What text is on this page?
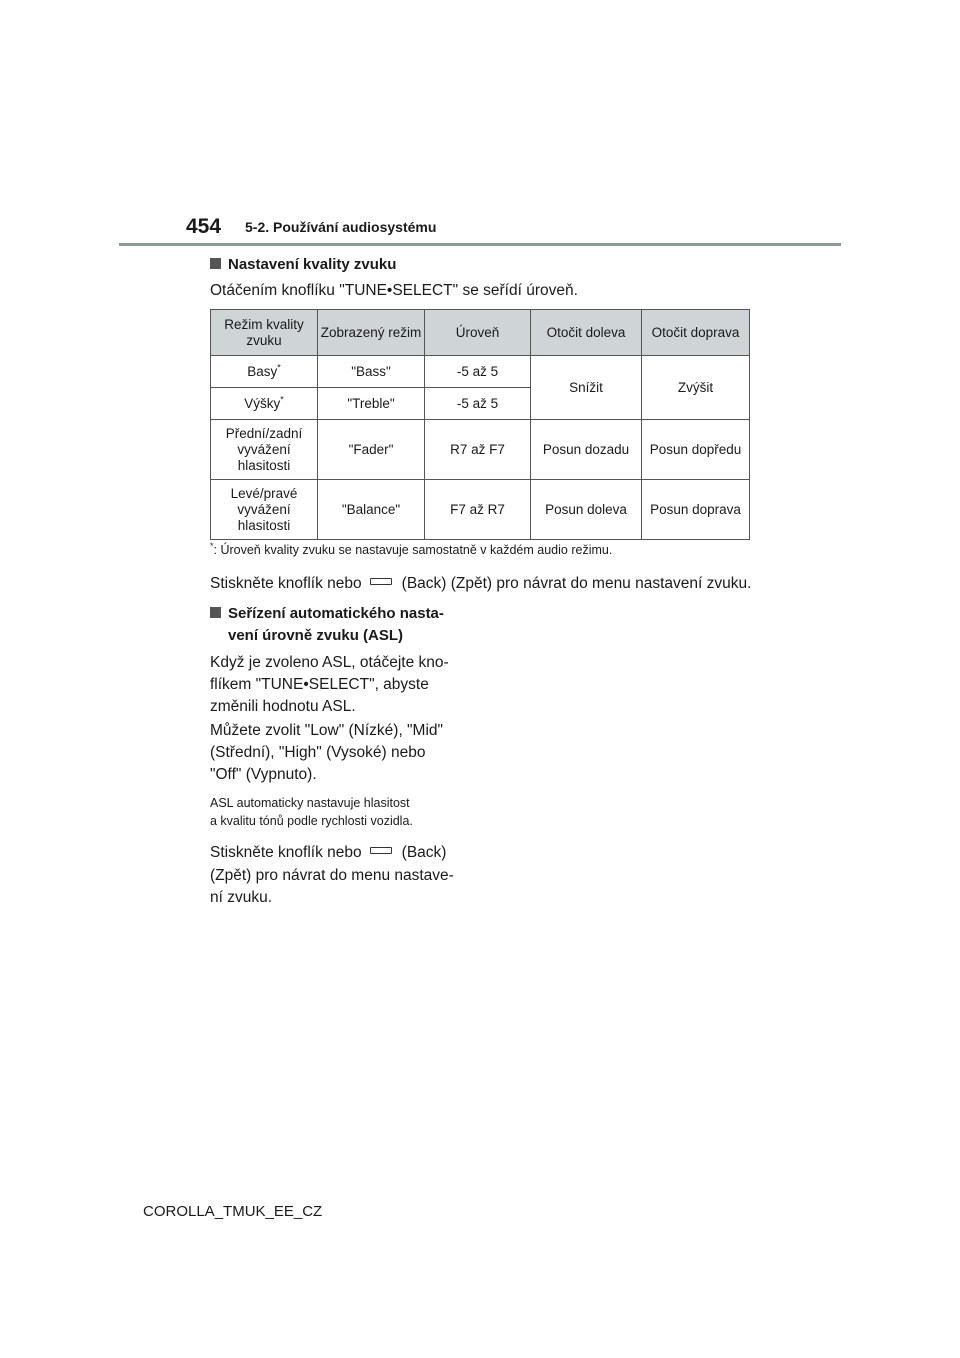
454 5-2. Používání audiosystému
Nastavení kvality zvuku
Otáčením knoflíku "TUNE•SELECT" se seřídí úroveň.
Režim kvality zvuku	Zobrazený režim	Úroveň	Otočit doleva	Otočit doprava
Basy*	"Bass"	-5 až 5	Snížit	Zvýšit
Výšky*	"Treble"	-5 až 5		
Přední/zadní vyvážení hlasitosti	"Fader"	R7 až F7	Posun dozadu	Posun dopředu
Levé/pravé vyvážení hlasitosti	"Balance"	F7 až R7	Posun doleva	Posun doprava
*: Úroveň kvality zvuku se nastavuje samostatně v každém audio režimu.
Stiskněte knoflík nebo	(Back) (Zpět) pro návrat do menu nastavení zvuku.
Seřízení automatického nasta-
vení úrovně zvuku (ASL)
Když je zvoleno ASL, otáčejte kno-
flíkem "TUNE•SELECT", abyste
změnili hodnotu ASL.
Můžete zvolit "Low" (Nízké), "Mid"
(Střední), "High" (Vysoké) nebo
"Off" (Vypnuto).
ASL automaticky nastavuje hlasitost
a kvalitu tónů podle rychlosti vozidla.
Stiskněte knoflík nebo	(Back)
(Zpět) pro návrat do menu nastave-
ní zvuku.
COROLLA_TMUK_EE_CZ
